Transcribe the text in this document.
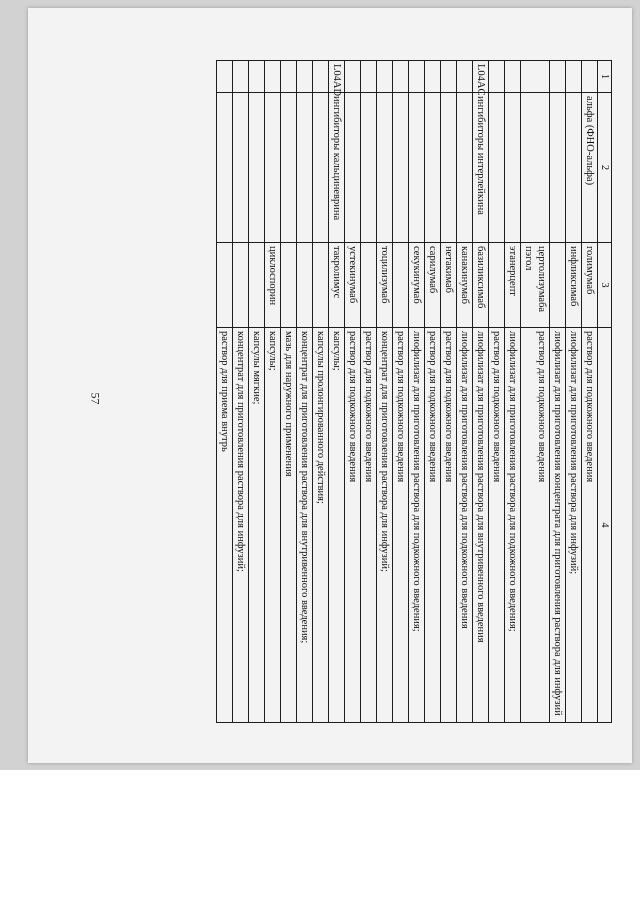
57
1	2	3	4
	альфа (ФНО-альфа)	голимумаб	раствор для подкожного введения
		инфликсимаб	лиофилизат для приготовления раствора для инфузий;
			лиофилизат для приготовления концентрата для приготовления раствора для инфузий
		цертолизумаба пэгол	раствор для подкожного введения
		этанерцепт	лиофилизат для приготовления раствора для подкожного введения;
			раствор для подкожного введения
L04AC	ингибиторы интерлейкина	базиликсимаб	лиофилизат для приготовления раствора для внутривенного введения
		канакинумаб	лиофилизат для приготовления раствора для подкожного введения
		нетакимаб	раствор для подкожного введения
		сарилумаб	раствор для подкожного введения
		секукинумаб	лиофилизат для приготовления раствора для подкожного введения;
			раствор для подкожного введения
		тоцилизумаб	концентрат для приготовления раствора для инфузий;
			раствор для подкожного введения
		устекинумаб	раствор для подкожного введения
L04AD	ингибиторы кальциневрина	такролимус	капсулы;
			капсулы пролонгированного действия;
			концентрат для приготовления раствора для внутривенного введения;
			мазь для наружного применения
		циклоспорин	капсулы;
			капсулы мягкие;
			концентрат для приготовления раствора для инфузий;
			раствор для приема внутрь
